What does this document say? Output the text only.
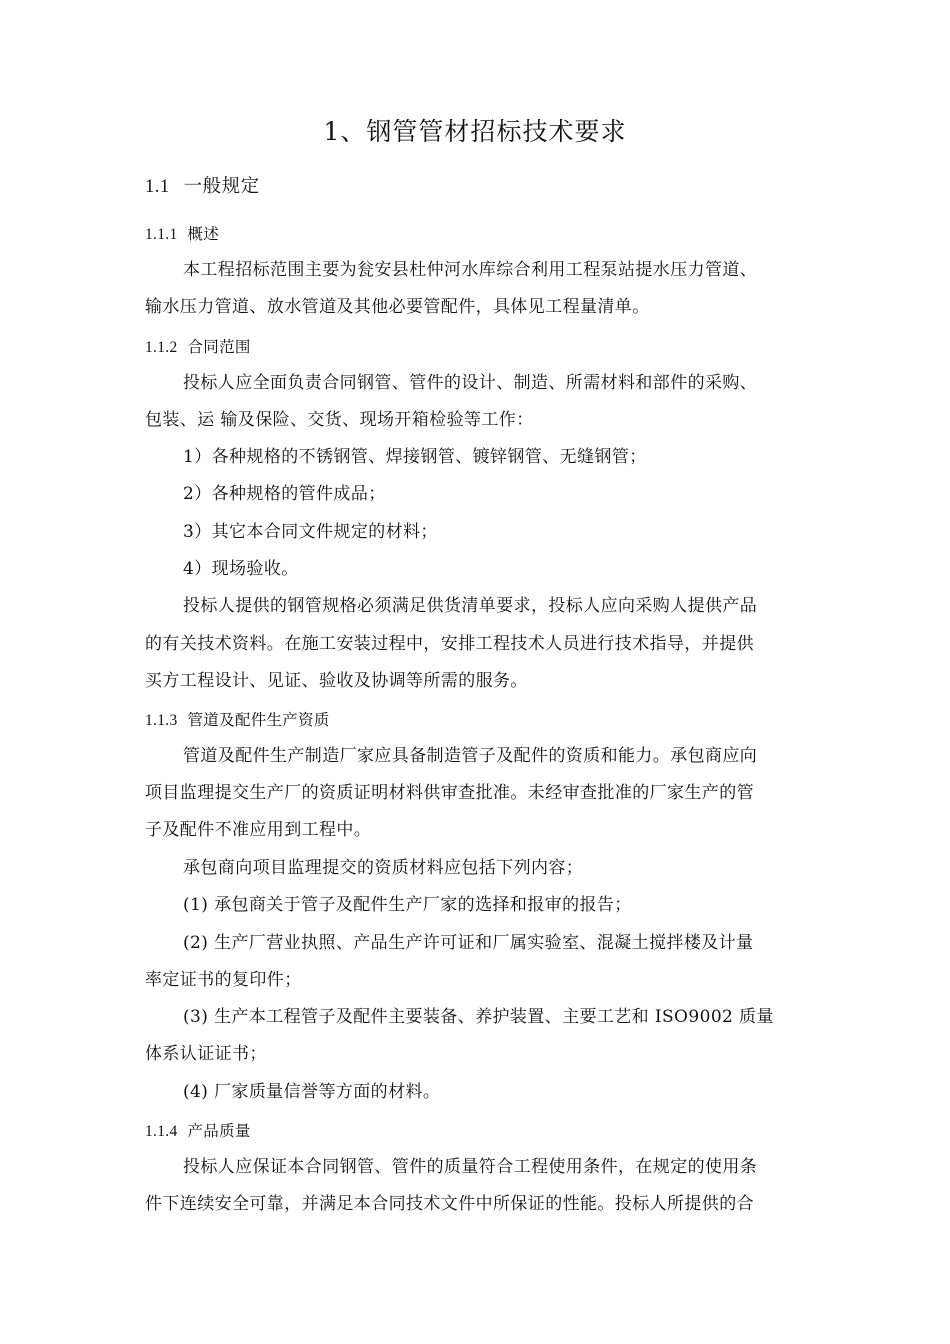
1、钢管管材招标技术要求
1.1 一般规定
1.1.1 概述

本工程招标范围主要为瓮安县杜仲河水库综合利用工程泵站提水压力管道、

输水压力管道、放水管道及其他必要管配件，具体见工程量清单。

1.1.2 合同范围

投标人应全面负责合同钢管、管件的设计、制造、所需材料和部件的采购、

包装、运 输及保险、交货、现场开箱检验等工作：

1）各种规格的不锈钢管、焊接钢管、镀锌钢管、无缝钢管；

2）各种规格的管件成品；

3）其它本合同文件规定的材料；

4）现场验收。

投标人提供的钢管规格必须满足供货清单要求，投标人应向采购人提供产品

的有关技术资料。在施工安装过程中，安排工程技术人员进行技术指导，并提供

买方工程设计、见证、验收及协调等所需的服务。

1.1.3 管道及配件生产资质

管道及配件生产制造厂家应具备制造管子及配件的资质和能力。承包商应向

项目监理提交生产厂的资质证明材料供审查批准。未经审查批准的厂家生产的管

子及配件不准应用到工程中。

承包商向项目监理提交的资质材料应包括下列内容；

(1) 承包商关于管子及配件生产厂家的选择和报审的报告；

(2) 生产厂营业执照、产品生产许可证和厂属实验室、混凝土搅拌楼及计量

率定证书的复印件；

(3) 生产本工程管子及配件主要装备、养护装置、主要工艺和 ISO9002 质量

体系认证证书；

(4) 厂家质量信誉等方面的材料。

1.1.4 产品质量

投标人应保证本合同钢管、管件的质量符合工程使用条件，在规定的使用条

件下连续安全可靠，并满足本合同技术文件中所保证的性能。投标人所提供的合
